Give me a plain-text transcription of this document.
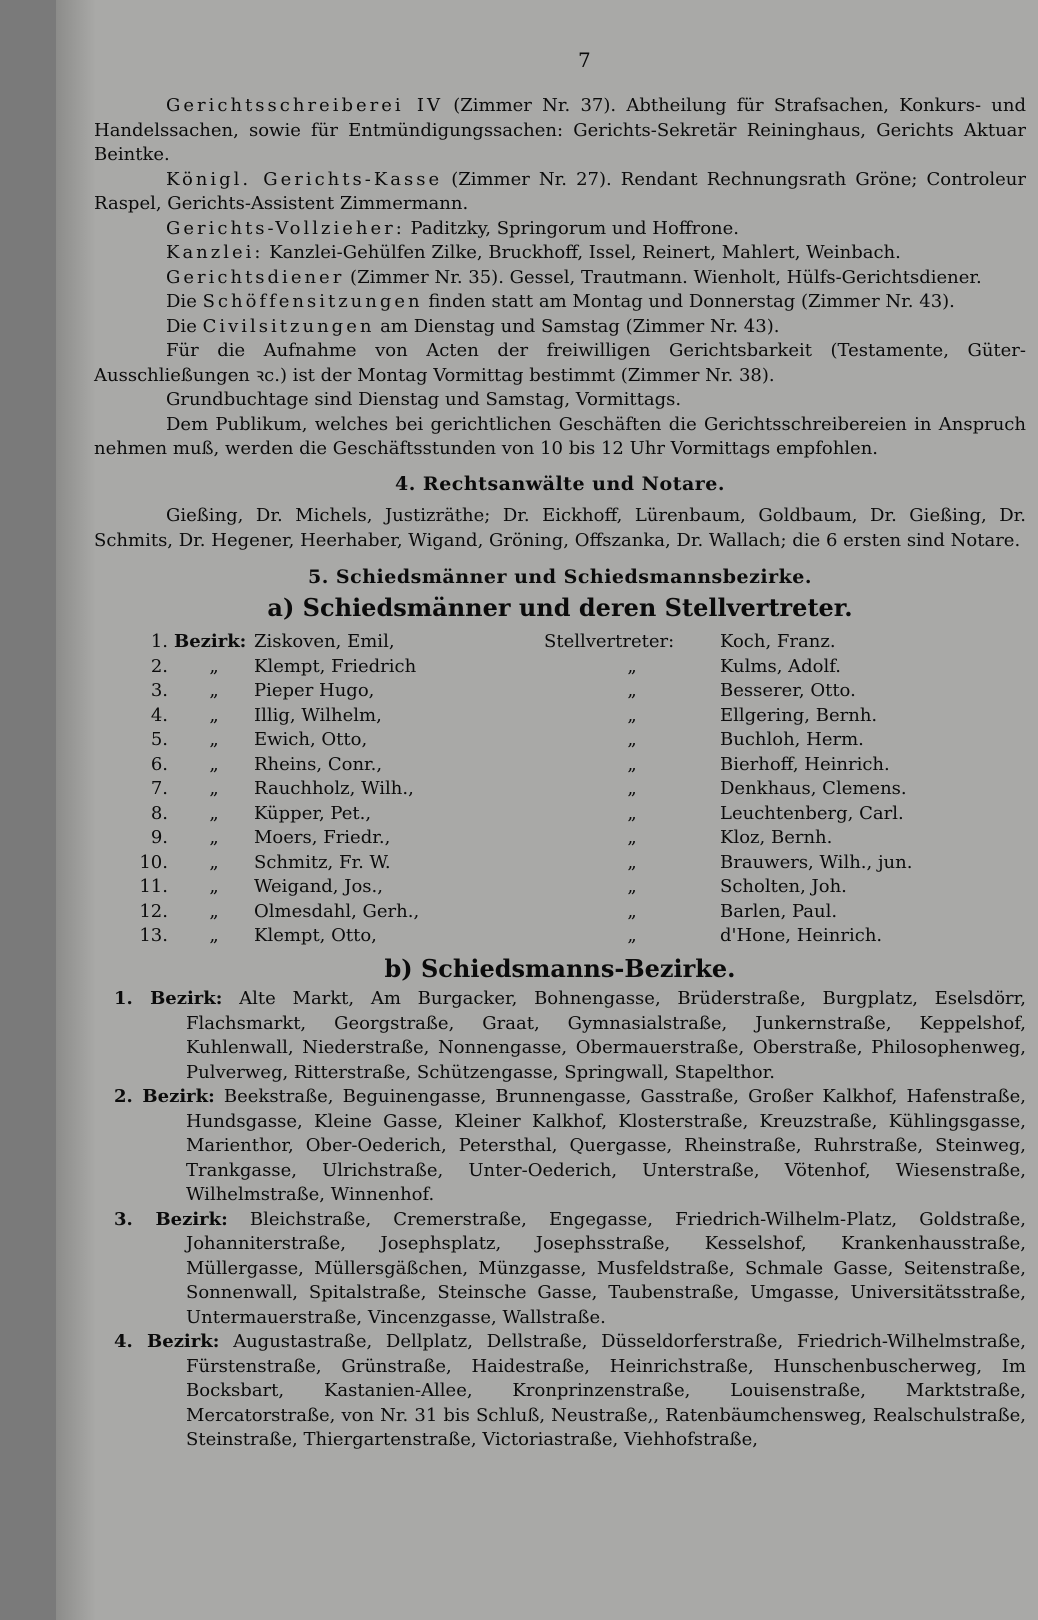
7

Gerichtsschreiberei IV (Zimmer Nr. 37). Abtheilung für Strafsachen, Konkurs- und Handelssachen, sowie für Entmündigungssachen: Gerichts-Sekretär Reininghaus, Gerichts Aktuar Beintke.

Königl. Gerichts-Kasse (Zimmer Nr. 27). Rendant Rechnungsrath Gröne; Controleur Raspel, Gerichts-Assistent Zimmermann.

Gerichts-Vollzieher: Paditzky, Springorum und Hoffrone.

Kanzlei: Kanzlei-Gehülfen Zilke, Bruckhoff, Issel, Reinert, Mahlert, Weinbach.

Gerichtsdiener (Zimmer Nr. 35). Gessel, Trautmann. Wienholt, Hülfs-Gerichtsdiener.

Die Schöffensitzungen finden statt am Montag und Donnerstag (Zimmer Nr. 43).

Die Civilsitzungen am Dienstag und Samstag (Zimmer Nr. 43).

Für die Aufnahme von Acten der freiwilligen Gerichtsbarkeit (Testamente, Güter-Ausschließungen ꝛc.) ist der Montag Vormittag bestimmt (Zimmer Nr. 38).

Grundbuchtage sind Dienstag und Samstag, Vormittags.

Dem Publikum, welches bei gerichtlichen Geschäften die Gerichtsschreibereien in Anspruch nehmen muß, werden die Geschäftsstunden von 10 bis 12 Uhr Vormittags empfohlen.

4. Rechtsanwälte und Notare.

Gießing, Dr. Michels, Justizräthe; Dr. Eickhoff, Lürenbaum, Goldbaum, Dr. Gießing, Dr. Schmits, Dr. Hegener, Heerhaber, Wigand, Gröning, Offszanka, Dr. Wallach; die 6 ersten sind Notare.

5. Schiedsmänner und Schiedsmannsbezirke.
a) Schiedsmänner und deren Stellvertreter.
1.	Bezirk:	Ziskoven, Emil,	Stellvertreter:	Koch, Franz.
2.	„	Klempt, Friedrich	„	Kulms, Adolf.
3.	„	Pieper Hugo,	„	Besserer, Otto.
4.	„	Illig, Wilhelm,	„	Ellgering, Bernh.
5.	„	Ewich, Otto,	„	Buchloh, Herm.
6.	„	Rheins, Conr.,	„	Bierhoff, Heinrich.
7.	„	Rauchholz, Wilh.,	„	Denkhaus, Clemens.
8.	„	Küpper, Pet.,	„	Leuchtenberg, Carl.
9.	„	Moers, Friedr.,	„	Kloz, Bernh.
10.	„	Schmitz, Fr. W.	„	Brauwers, Wilh., jun.
11.	„	Weigand, Jos.,	„	Scholten, Joh.
12.	„	Olmesdahl, Gerh.,	„	Barlen, Paul.
13.	„	Klempt, Otto,	„	d'Hone, Heinrich.
b) Schiedsmanns-Bezirke.

1. Bezirk: Alte Markt, Am Burgacker, Bohnengasse, Brüderstraße, Burgplatz, Eselsdörr, Flachsmarkt, Georgstraße, Graat, Gymnasialstraße, Junkernstraße, Keppelshof, Kuhlenwall, Niederstraße, Nonnengasse, Obermauerstraße, Oberstraße, Philosophenweg, Pulverweg, Ritterstraße, Schützengasse, Springwall, Stapelthor.

2. Bezirk: Beekstraße, Beguinengasse, Brunnengasse, Gasstraße, Großer Kalkhof, Hafenstraße, Hundsgasse, Kleine Gasse, Kleiner Kalkhof, Klosterstraße, Kreuzstraße, Kühlingsgasse, Marienthor, Ober-Oederich, Petersthal, Quergasse, Rheinstraße, Ruhrstraße, Steinweg, Trankgasse, Ulrichstraße, Unter-Oederich, Unterstraße, Vötenhof, Wiesenstraße, Wilhelmstraße, Winnenhof.

3. Bezirk: Bleichstraße, Cremerstraße, Engegasse, Friedrich-Wilhelm-Platz, Goldstraße, Johanniterstraße, Josephsplatz, Josephsstraße, Kesselshof, Krankenhausstraße, Müllergasse, Müllersgäßchen, Münzgasse, Musfeldstraße, Schmale Gasse, Seitenstraße, Sonnenwall, Spitalstraße, Steinsche Gasse, Taubenstraße, Umgasse, Universitätsstraße, Untermauerstraße, Vincenzgasse, Wallstraße.

4. Bezirk: Augustastraße, Dellplatz, Dellstraße, Düsseldorferstraße, Friedrich-Wilhelmstraße, Fürstenstraße, Grünstraße, Haidestraße, Heinrichstraße, Hunschenbuscherweg, Im Bocksbart, Kastanien-Allee, Kronprinzenstraße, Louisenstraße, Marktstraße, Mercatorstraße, von Nr. 31 bis Schluß, Neustraße,, Ratenbäumchensweg, Realschulstraße, Steinstraße, Thiergartenstraße, Victoriastraße, Viehhofstraße,
